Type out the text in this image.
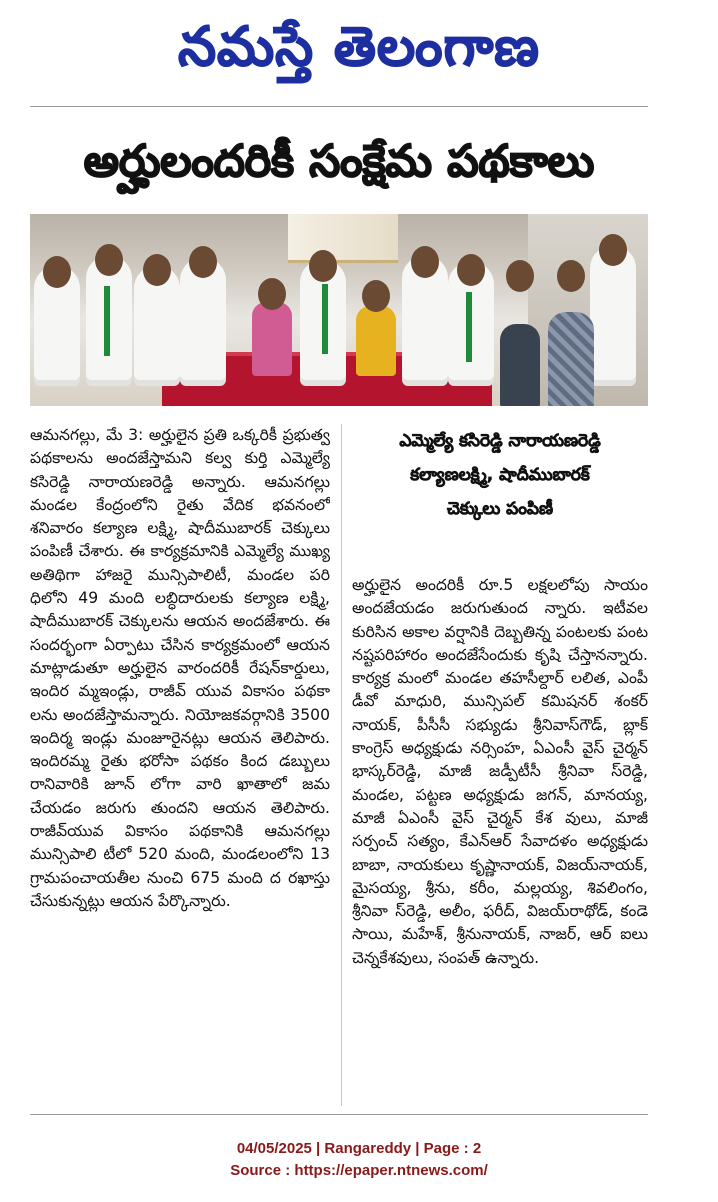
నమస్తే తెలంగాణ
అర్హులందరికీ సంక్షేమ పథకాలు
ఆమనగల్లు, మే 3: అర్హులైన ప్రతి ఒక్కరికీ ప్రభుత్వ పథకాలను అందజేస్తామని కల్వ కుర్తి ఎమ్మెల్యే కసిరెడ్డి నారాయణరెడ్డి అన్నారు. ఆమనగల్లు మండల కేంద్రంలోని రైతు వేదిక భవనంలో శనివారం కల్యాణ లక్ష్మి, షాదీముబారక్ చెక్కులు పంపిణీ చేశారు. ఈ కార్యక్రమానికి ఎమ్మెల్యే ముఖ్య అతిథిగా హాజరై మున్సిపాలిటీ, మండల పరి ధిలోని 49 మంది లబ్ధిదారులకు కల్యాణ లక్ష్మి, షాదీముబారక్ చెక్కులను ఆయన అందజేశారు. ఈ సందర్భంగా ఏర్పాటు చేసిన కార్యక్రమంలో ఆయన మాట్లాడుతూ అర్హులైన వారందరికీ రేషన్‌కార్డులు, ఇందిర మ్మఇండ్లు, రాజీవ్ యువ వికాసం పథకా లను అందజేస్తామన్నారు. నియోజకవర్గానికి 3500 ఇందిర్మ ఇండ్లు మంజూరైనట్లు ఆయన తెలిపారు. ఇందిరమ్మ రైతు భరోసా పథకం కింద డబ్బులు రానివారికి జూన్ లోగా వారి ఖాతాలో జమ చేయడం జరుగు తుందని ఆయన తెలిపారు. రాజీవ్‌యువ వికాసం పథకానికి ఆమనగల్లు మున్సిపాలి టీలో 520 మంది, మండలంలోని 13 గ్రామపంచాయతీల నుంచి 675 మంది ద రఖాస్తు చేసుకున్నట్లు ఆయన పేర్కొన్నారు.
ఎమ్మెల్యే కసిరెడ్డి నారాయణరెడ్డి
కల్యాణలక్ష్మి, షాదీముబారక్
చెక్కులు పంపిణీ
అర్హులైన అందరికీ రూ.5 లక్షలలోపు సాయం అందజేయడం జరుగుతుంద న్నారు. ఇటీవల కురిసిన అకాల వర్షానికి దెబ్బతిన్న పంటలకు పంట నష్టపరిహారం అందజేసేందుకు కృషి చేస్తానన్నారు. కార్యక్ర మంలో మండల తహసీల్దార్ లలిత, ఎంపీ డీవో మాధురి, మున్సిపల్ కమిషనర్ శంకర్ నాయక్, పీసీసీ సభ్యుడు శ్రీనివాస్‌గౌడ్, బ్లాక్ కాంగ్రెస్ అధ్యక్షుడు నర్సింహ, ఏఎంసీ వైస్ చైర్మన్ భాస్కర్‌రెడ్డి, మాజీ జడ్పీటీసీ శ్రీనివా స్‌రెడ్డి, మండల, పట్టణ అధ్యక్షుడు జగన్, మానయ్య, మాజీ ఏఎంసీ వైస్ చైర్మన్ కేశ వులు, మాజీ సర్పంచ్ సత్యం, కేఎన్ఆర్ సేవాదళం అధ్యక్షుడు బాబా, నాయకులు కృష్ణానాయక్, విజయ్‌నాయక్, మైసయ్య, శ్రీను, కరీం, మల్లయ్య, శివలింగం, శ్రీనివా స్‌రెడ్డి, అలీం, ఫరీద్, విజయ్‌రాథోడ్, కండె సాయి, మహేశ్, శ్రీనునాయక్, నాజర్, ఆర్ ఐలు చెన్నకేశవులు, సంపత్ ఉన్నారు.
04/05/2025 | Rangareddy | Page : 2
Source : https://epaper.ntnews.com/
